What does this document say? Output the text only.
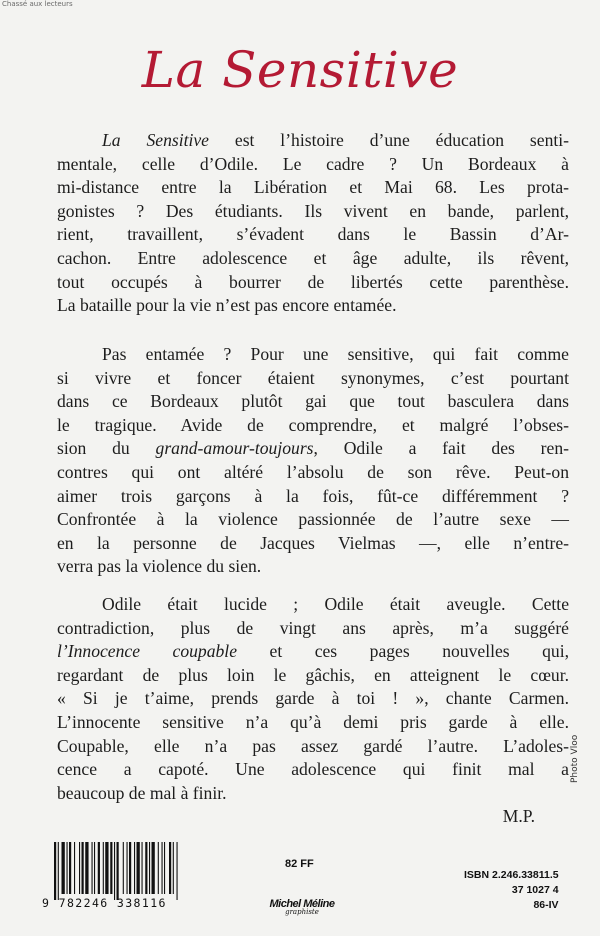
Chassé aux lecteurs
La Sensitive
La Sensitive est l’histoire d’une éducation senti-
mentale, celle d’Odile. Le cadre ? Un Bordeaux à
mi-distance entre la Libération et Mai 68. Les prota-
gonistes ? Des étudiants. Ils vivent en bande, parlent,
rient, travaillent, s’évadent dans le Bassin d’Ar-
cachon. Entre adolescence et âge adulte, ils rêvent,
tout occupés à bourrer de libertés cette parenthèse.
La bataille pour la vie n’est pas encore entamée.
Pas entamée ? Pour une sensitive, qui fait comme
si vivre et foncer étaient synonymes, c’est pourtant
dans ce Bordeaux plutôt gai que tout basculera dans
le tragique. Avide de comprendre, et malgré l’obses-
sion du grand-amour-toujours, Odile a fait des ren-
contres qui ont altéré l’absolu de son rêve. Peut-on
aimer trois garçons à la fois, fût-ce différemment ?
Confrontée à la violence passionnée de l’autre sexe —
en la personne de Jacques Vielmas —, elle n’entre-
verra pas la violence du sien.
Odile était lucide ; Odile était aveugle. Cette
contradiction, plus de vingt ans après, m’a suggéré
l’Innocence coupable et ces pages nouvelles qui,
regardant de plus loin le gâchis, en atteignent le cœur.
« Si je t’aime, prends garde à toi ! », chante Carmen.
L’innocente sensitive n’a qu’à demi pris garde à elle.
Coupable, elle n’a pas assez gardé l’autre. L’adoles-
cence a capoté. Une adolescence qui finit mal a
beaucoup de mal à finir.
M.P.
Photo Vloo
9 782246 338116
82 FF
Michel Méline
graphiste
ISBN 2.246.33811.5
37 1027 4
86-IV
